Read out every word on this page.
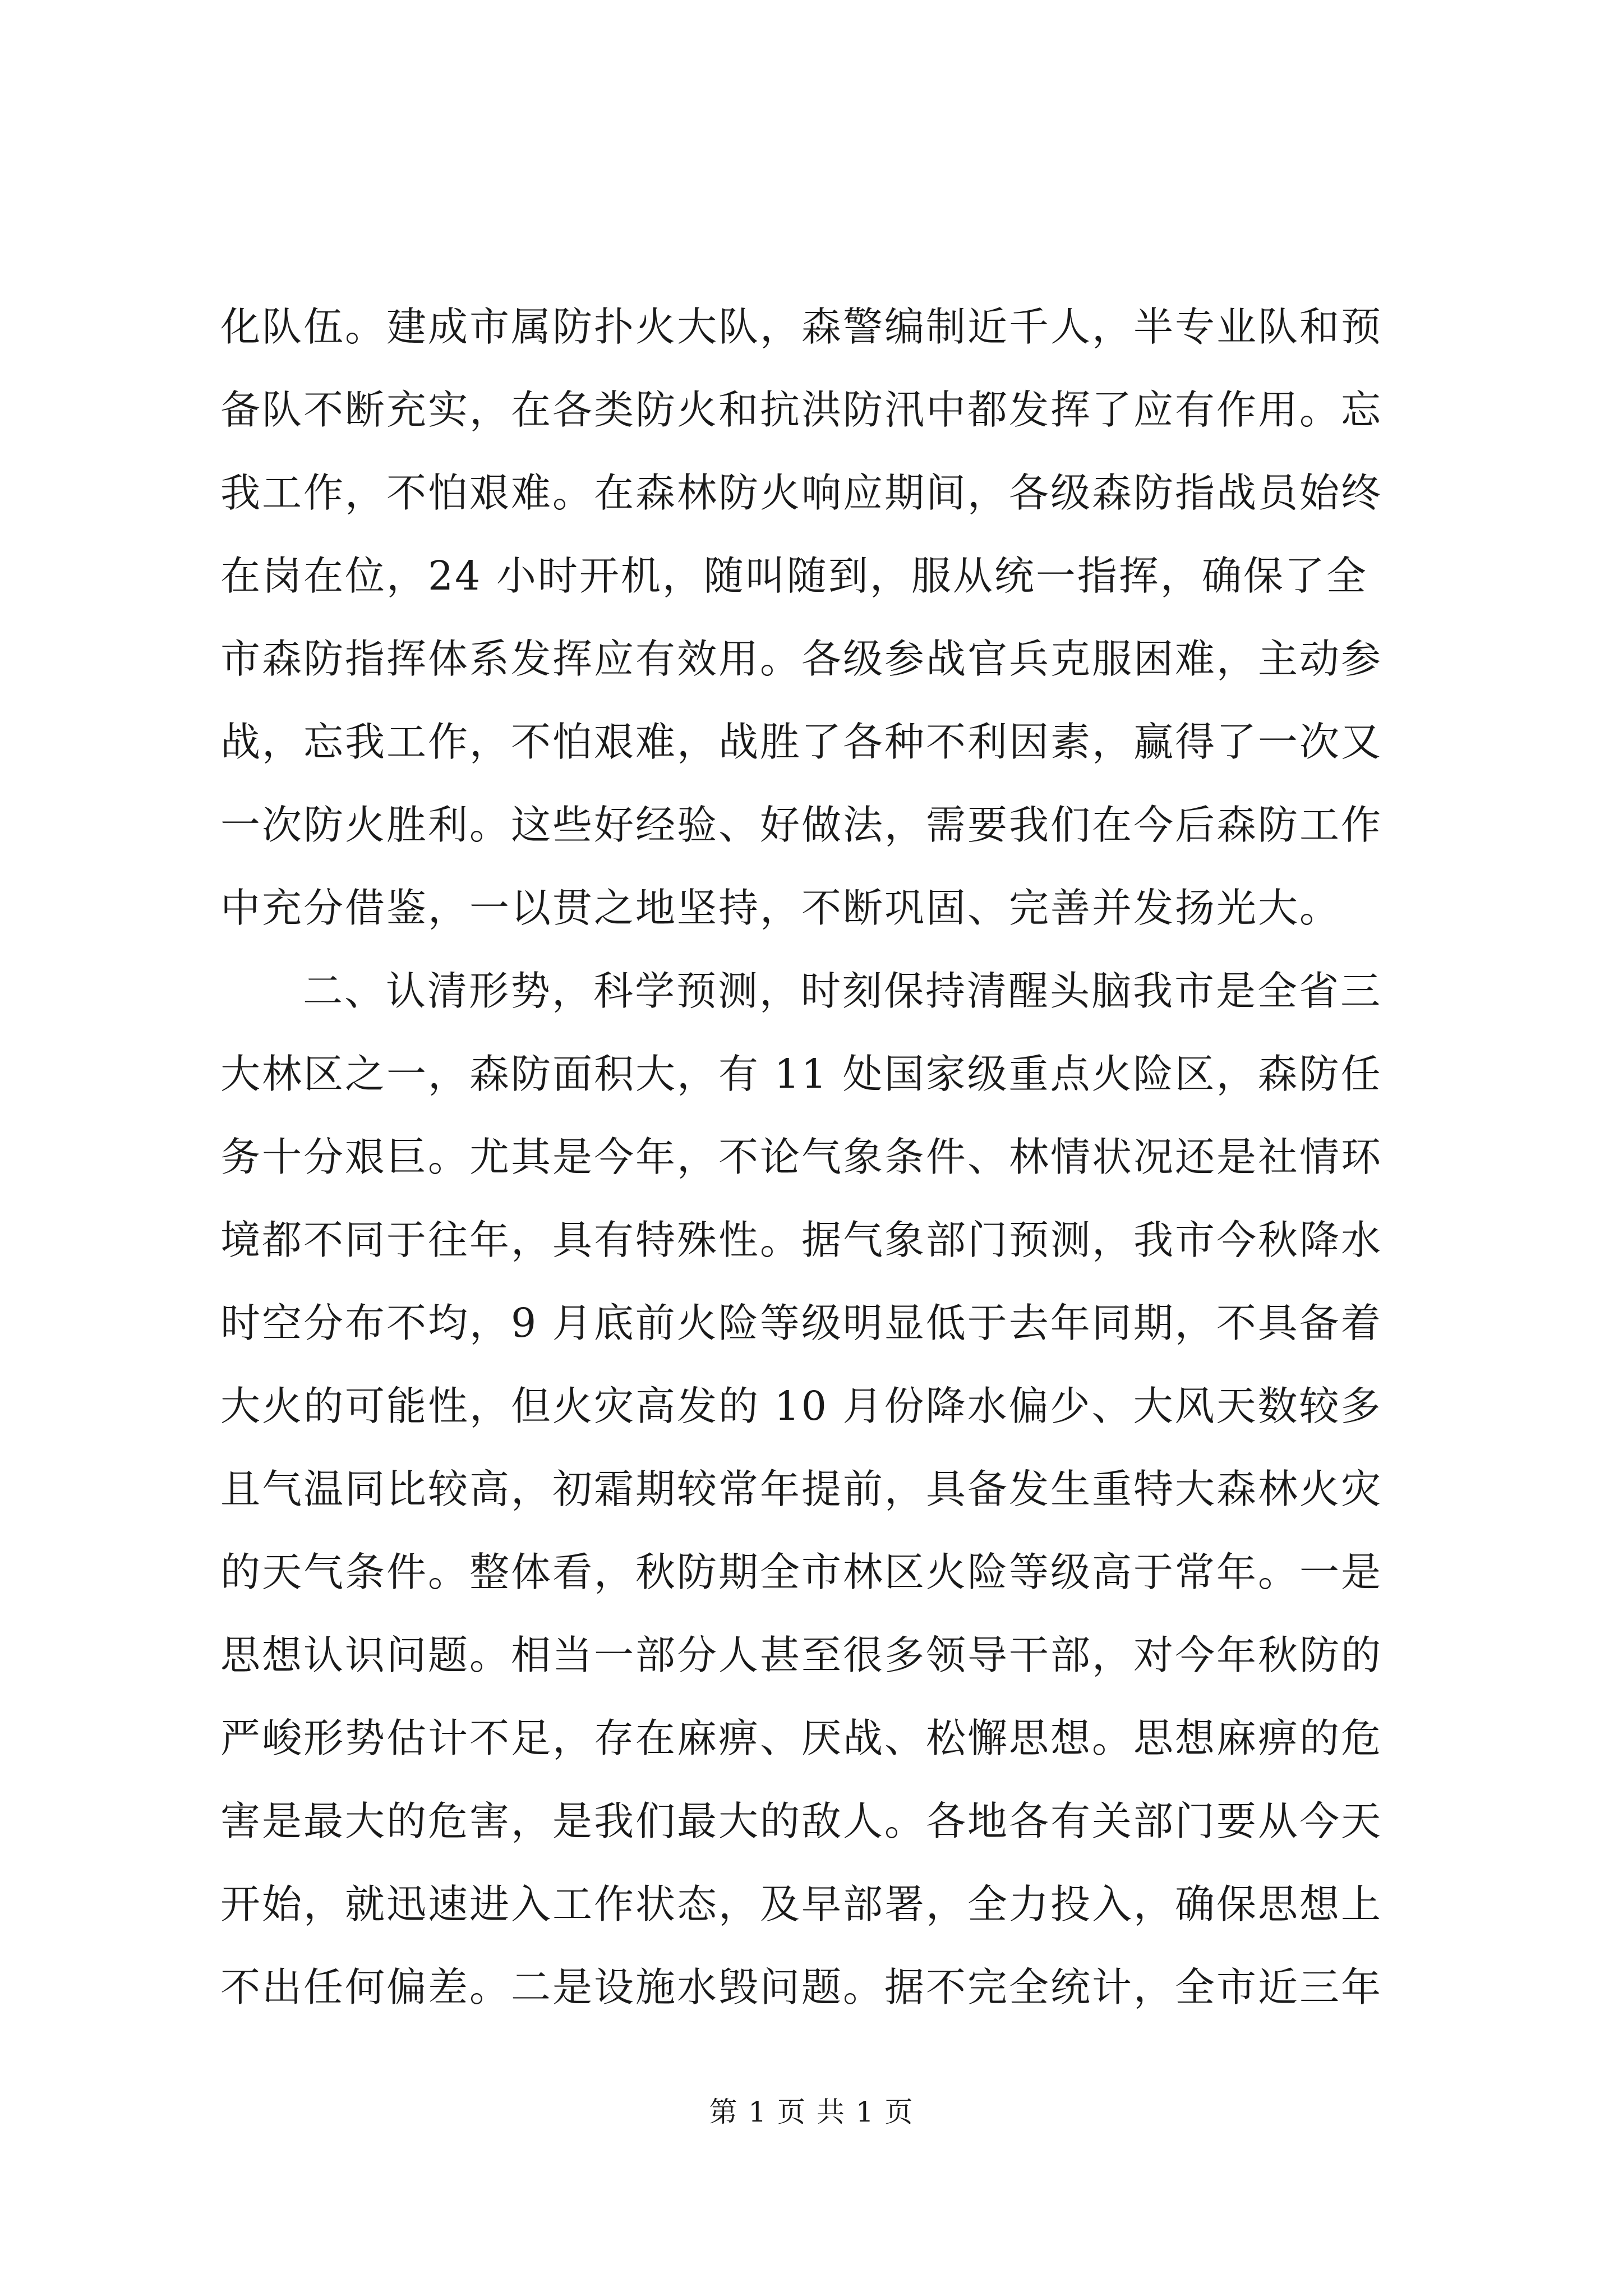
化队伍。建成市属防扑火大队，森警编制近千人，半专业队和预
备队不断充实，在各类防火和抗洪防汛中都发挥了应有作用。忘
我工作，不怕艰难。在森林防火响应期间，各级森防指战员始终
在岗在位，24 小时开机，随叫随到，服从统一指挥，确保了全
市森防指挥体系发挥应有效用。各级参战官兵克服困难，主动参
战，忘我工作，不怕艰难，战胜了各种不利因素，赢得了一次又
一次防火胜利。这些好经验、好做法，需要我们在今后森防工作
中充分借鉴，一以贯之地坚持，不断巩固、完善并发扬光大。
二、认清形势，科学预测，时刻保持清醒头脑我市是全省三
大林区之一，森防面积大，有 11 处国家级重点火险区，森防任
务十分艰巨。尤其是今年，不论气象条件、林情状况还是社情环
境都不同于往年，具有特殊性。据气象部门预测，我市今秋降水
时空分布不均，9 月底前火险等级明显低于去年同期，不具备着
大火的可能性，但火灾高发的 10 月份降水偏少、大风天数较多
且气温同比较高，初霜期较常年提前，具备发生重特大森林火灾
的天气条件。整体看，秋防期全市林区火险等级高于常年。一是
思想认识问题。相当一部分人甚至很多领导干部，对今年秋防的
严峻形势估计不足，存在麻痹、厌战、松懈思想。思想麻痹的危
害是最大的危害，是我们最大的敌人。各地各有关部门要从今天
开始，就迅速进入工作状态，及早部署，全力投入，确保思想上
不出任何偏差。二是设施水毁问题。据不完全统计，全市近三年
第 1 页 共 1 页
